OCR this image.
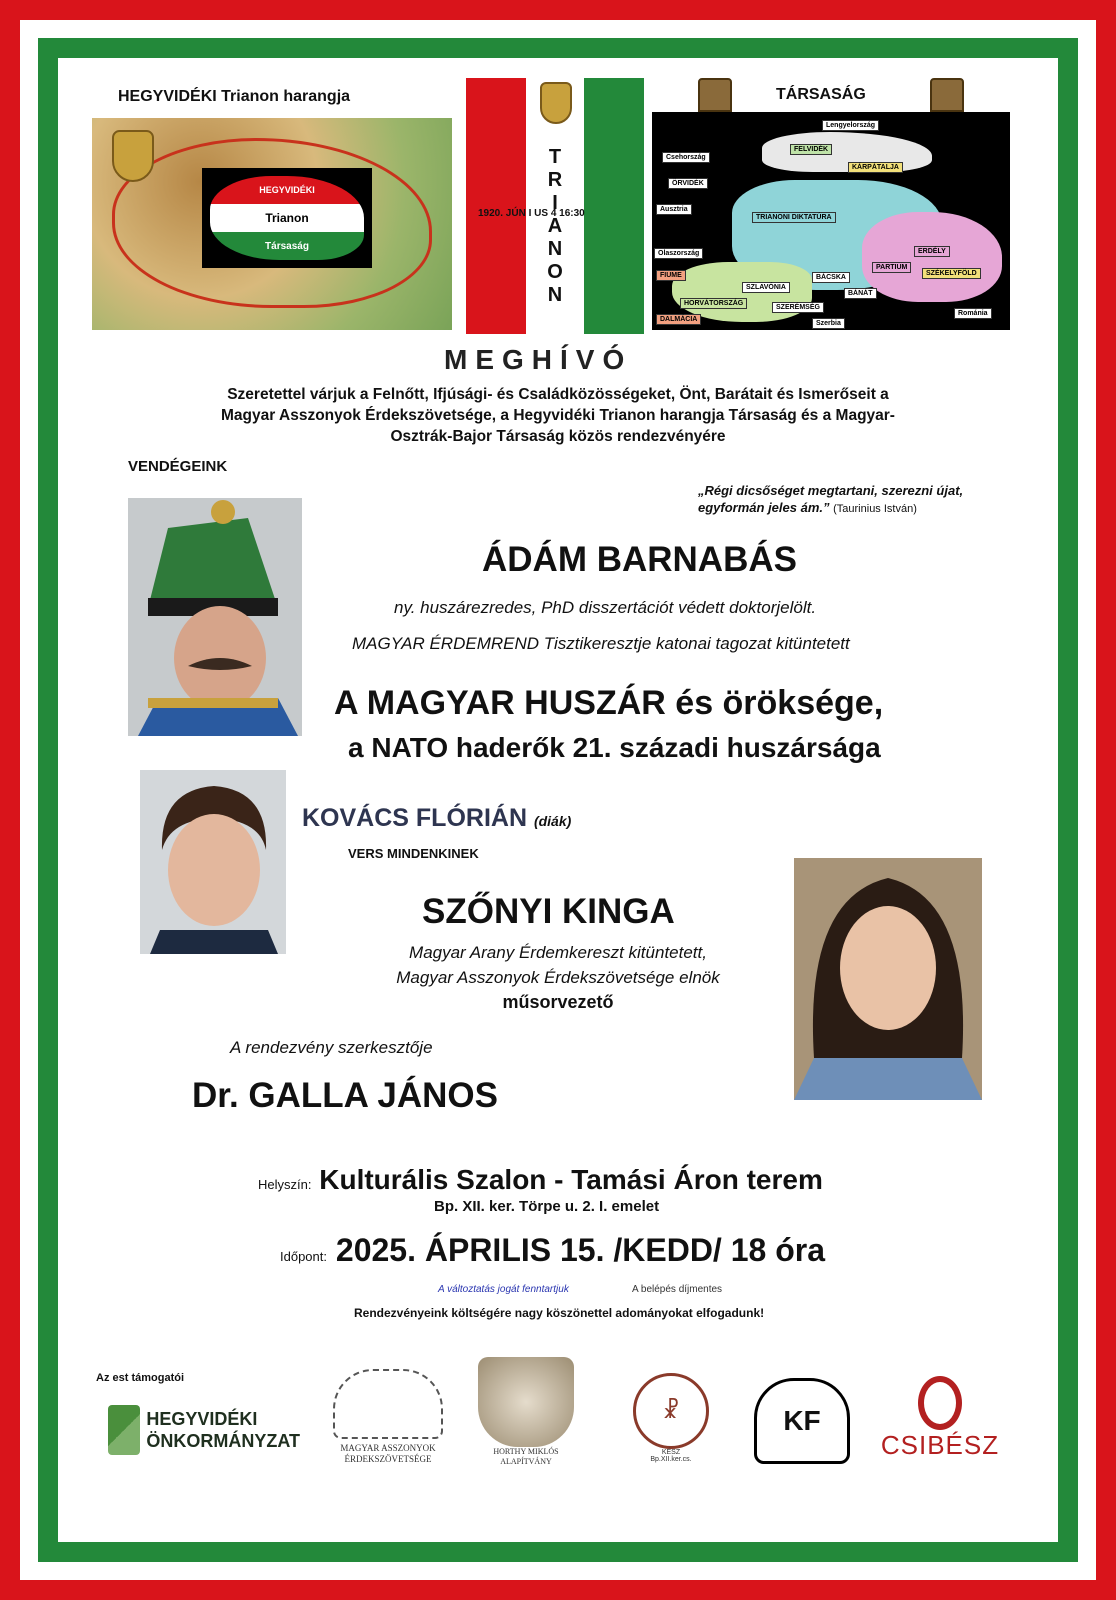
HEGYVIDÉKI Trianon harangja
HEGYVIDÉKI
Trianon
Társaság
T
R
I
A
N
O
N
1920. JÚN I US 4 16:30
TÁRSASÁG
Lengyelország
Csehország
FELVIDÉK
KÁRPÁTALJA
ÖRVIDÉK
Ausztria
TRIANONI DIKTATÚRA
PARTIUM
ERDÉLY
SZÉKELYFÖLD
BÁCSKA
BÁNÁT
SZLAVÓNIA
HORVÁTORSZÁG
SZERÉMSÉG
DALMÁCIA
FIUME
Olaszország
Szerbia
Románia
MEGHÍVÓ
Szeretettel várjuk a Felnőtt, Ifjúsági- és Családközösségeket, Önt, Barátait és Ismerőseit a Magyar Asszonyok Érdekszövetsége, a Hegyvidéki Trianon harangja Társaság és a Magyar-Osztrák-Bajor Társaság közös rendezvényére
VENDÉGEINK
„Régi dicsőséget megtartani, szerezni újat, egyformán jeles ám.” (Taurinius István)
ÁDÁM BARNABÁS
ny. huszárezredes, PhD disszertációt védett doktorjelölt.
MAGYAR ÉRDEMREND Tisztikeresztje katonai tagozat kitüntetett
A MAGYAR HUSZÁR és öröksége,
a NATO haderők 21. századi huszársága
KOVÁCS FLÓRIÁN (diák)
VERS MINDENKINEK
SZŐNYI KINGA
Magyar Arany Érdemkereszt kitüntetett,
Magyar Asszonyok Érdekszövetsége elnök
műsorvezető
A rendezvény szerkesztője
Dr. GALLA JÁNOS
Helyszín: Kulturális Szalon - Tamási Áron terem
Bp. XII. ker. Törpe u. 2. I. emelet
Időpont: 2025. ÁPRILIS 15. /KEDD/ 18 óra
A változtatás jogát fenntartjuk	A belépés díjmentes
Rendezvényeink költségére nagy köszönettel adományokat elfogadunk!
Az est támogatói
HEGYVIDÉKI
ÖNKORMÁNYZAT	MAGYAR ASSZONYOK
ÉRDEKSZÖVETSÉGE
HORTHY MIKLÓS
ALAPÍTVÁNY
☧
KÉSZ
Bp.XII.ker.cs.
KF
CSIBÉSZ
